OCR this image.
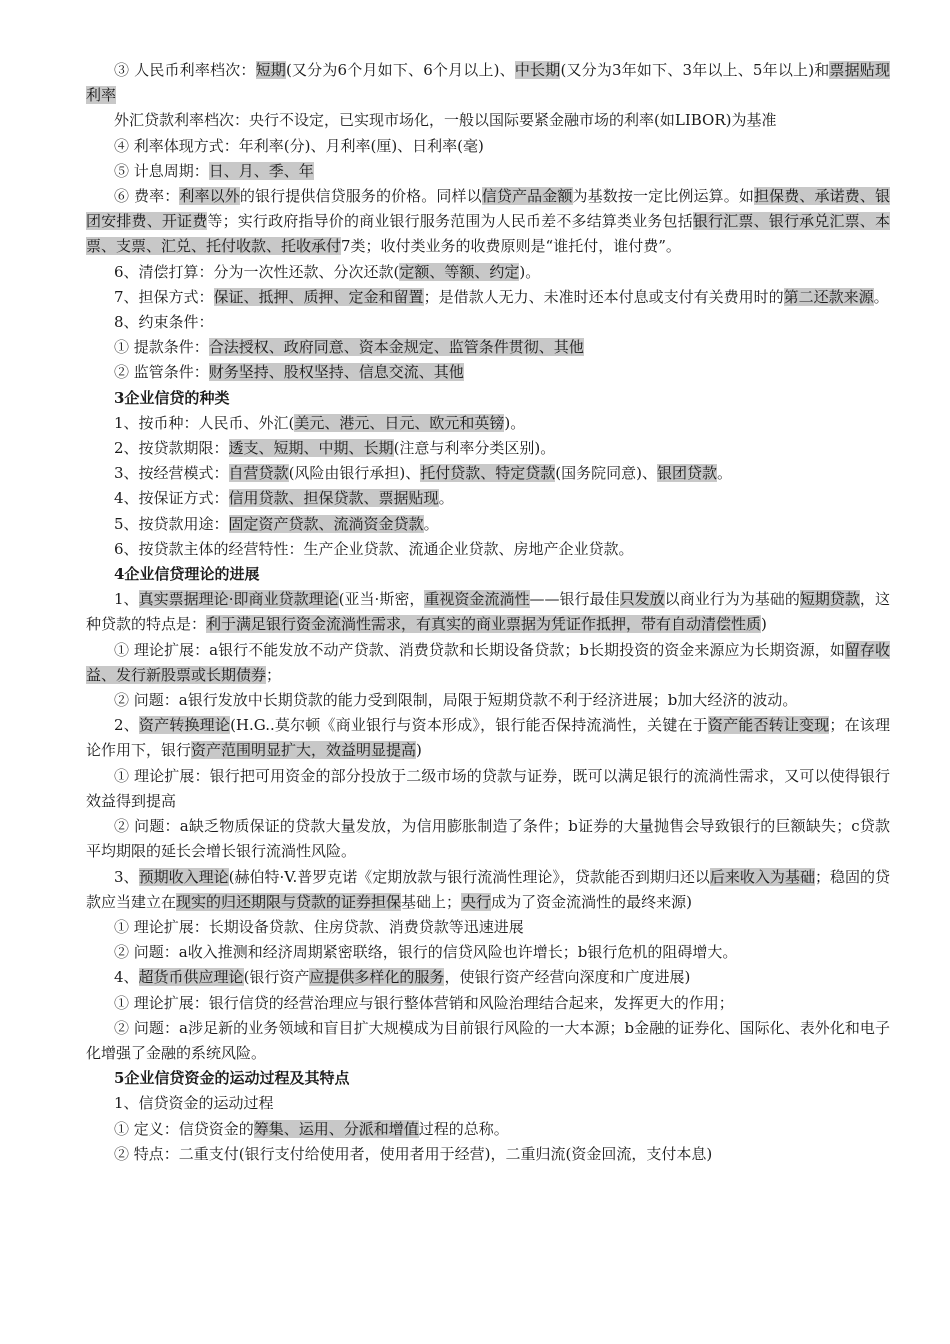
③ 人民币利率档次：短期(又分为6个月如下、6个月以上)、中长期(又分为3年如下、3年以上、5年以上)和票据贴现利率

外汇贷款利率档次：央行不设定，已实现市场化，一般以国际要紧金融市场的利率(如LIBOR)为基准

④ 利率体现方式：年利率(分)、月利率(厘)、日利率(毫)

⑤ 计息周期：日、月、季、年

⑥ 费率：利率以外的银行提供信贷服务的价格。同样以信贷产品金额为基数按一定比例运算。如担保费、承诺费、银团安排费、开证费等；实行政府指导价的商业银行服务范围为人民币差不多结算类业务包括银行汇票、银行承兑汇票、本票、支票、汇兑、托付收款、托收承付7类；收付类业务的收费原则是“谁托付，谁付费”。

6、清偿打算：分为一次性还款、分次还款(定额、等额、约定)。

7、担保方式：保证、抵押、质押、定金和留置；是借款人无力、未准时还本付息或支付有关费用时的第二还款来源。

8、约束条件：

① 提款条件：合法授权、政府同意、资本金规定、监管条件贯彻、其他

② 监管条件：财务坚持、股权坚持、信息交流、其他

3企业信贷的种类

1、按币种：人民币、外汇(美元、港元、日元、欧元和英镑)。

2、按贷款期限：透支、短期、中期、长期(注意与利率分类区别)。

3、按经营模式：自营贷款(风险由银行承担)、托付贷款、特定贷款(国务院同意)、银团贷款。

4、按保证方式：信用贷款、担保贷款、票据贴现。

5、按贷款用途：固定资产贷款、流淌资金贷款。

6、按贷款主体的经营特性：生产企业贷款、流通企业贷款、房地产企业贷款。

4企业信贷理论的进展

1、真实票据理论·即商业贷款理论(亚当·斯密，重视资金流淌性——银行最佳只发放以商业行为为基础的短期贷款，这种贷款的特点是：利于满足银行资金流淌性需求，有真实的商业票据为凭证作抵押，带有自动清偿性质)

① 理论扩展：a银行不能发放不动产贷款、消费贷款和长期设备贷款；b长期投资的资金来源应为长期资源，如留存收益、发行新股票或长期债券；

② 问题：a银行发放中长期贷款的能力受到限制，局限于短期贷款不利于经济进展；b加大经济的波动。

2、资产转换理论(H.G..莫尔顿《商业银行与资本形成》，银行能否保持流淌性，关键在于资产能否转让变现；在该理论作用下，银行资产范围明显扩大，效益明显提高)

① 理论扩展：银行把可用资金的部分投放于二级市场的贷款与证券，既可以满足银行的流淌性需求，又可以使得银行效益得到提高

② 问题：a缺乏物质保证的贷款大量发放，为信用膨胀制造了条件；b证券的大量抛售会导致银行的巨额缺失；c贷款平均期限的延长会增长银行流淌性风险。

3、预期收入理论(赫伯特·V.普罗克诺《定期放款与银行流淌性理论》，贷款能否到期归还以后来收入为基础；稳固的贷款应当建立在现实的归还期限与贷款的证券担保基础上；央行成为了资金流淌性的最终来源)

① 理论扩展：长期设备贷款、住房贷款、消费贷款等迅速进展

② 问题：a收入推测和经济周期紧密联络，银行的信贷风险也许增长；b银行危机的阻碍增大。

4、超货币供应理论(银行资产应提供多样化的服务，使银行资产经营向深度和广度进展)

① 理论扩展：银行信贷的经营治理应与银行整体营销和风险治理结合起来，发挥更大的作用；

② 问题：a涉足新的业务领域和盲目扩大规模成为目前银行风险的一大本源；b金融的证券化、国际化、表外化和电子化增强了金融的系统风险。

5企业信贷资金的运动过程及其特点

1、信贷资金的运动过程

① 定义：信贷资金的筹集、运用、分派和增值过程的总称。

② 特点：二重支付(银行支付给使用者，使用者用于经营)，二重归流(资金回流，支付本息)
